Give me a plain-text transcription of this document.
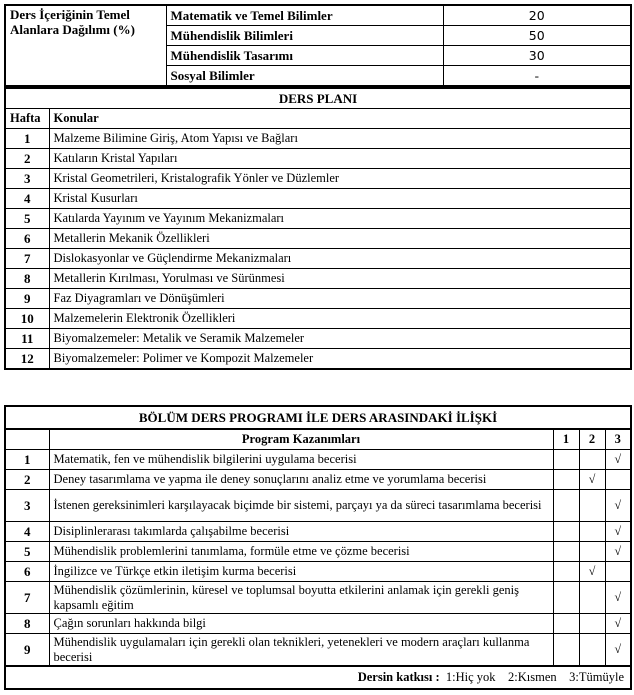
Ders İçeriğinin Temel Alanlara Dağılımı (%)	Matematik ve Temel Bilimler	20
	Mühendislik Bilimleri	50
	Mühendislik Tasarımı	30
	Sosyal Bilimler	-
DERS PLANI	
Hafta	Konular
1	Malzeme Bilimine Giriş, Atom Yapısı ve Bağları
2	Katıların Kristal Yapıları
3	Kristal Geometrileri, Kristalografik Yönler ve Düzlemler
4	Kristal Kusurları
5	Katılarda Yayınım ve Yayınım Mekanizmaları
6	Metallerin Mekanik Özellikleri
7	Dislokasyonlar ve Güçlendirme Mekanizmaları
8	Metallerin Kırılması, Yorulması ve Sürünmesi
9	Faz Diyagramları ve Dönüşümleri
10	Malzemelerin Elektronik Özellikleri
11	Biyomalzemeler: Metalik ve Seramik Malzemeler
12	Biyomalzemeler: Polimer ve Kompozit Malzemeler
BÖLÜM DERS PROGRAMI İLE DERS ARASINDAKİ İLİŞKİ				
	Program Kazanımları	1	2	3
1	Matematik, fen ve mühendislik bilgilerini uygulama becerisi			√
2	Deney tasarımlama ve yapma ile deney sonuçlarını analiz etme ve yorumlama becerisi		√	
3	İstenen gereksinimleri karşılayacak biçimde bir sistemi, parçayı ya da süreci tasarımlama becerisi			√
4	Disiplinlerarası takımlarda çalışabilme becerisi			√
5	Mühendislik problemlerini tanımlama, formüle etme ve çözme becerisi			√
6	İngilizce ve Türkçe etkin iletişim kurma becerisi		√	
7	Mühendislik çözümlerinin, küresel ve toplumsal boyutta etkilerini anlamak için gerekli geniş kapsamlı eğitim			√
8	Çağın sorunları hakkında bilgi			√
9	Mühendislik uygulamaları için gerekli olan teknikleri, yetenekleri ve modern araçları kullanma becerisi			√
Dersin katkısı : 1:Hiç yok    2:Kısmen    3:Tümüyle				
